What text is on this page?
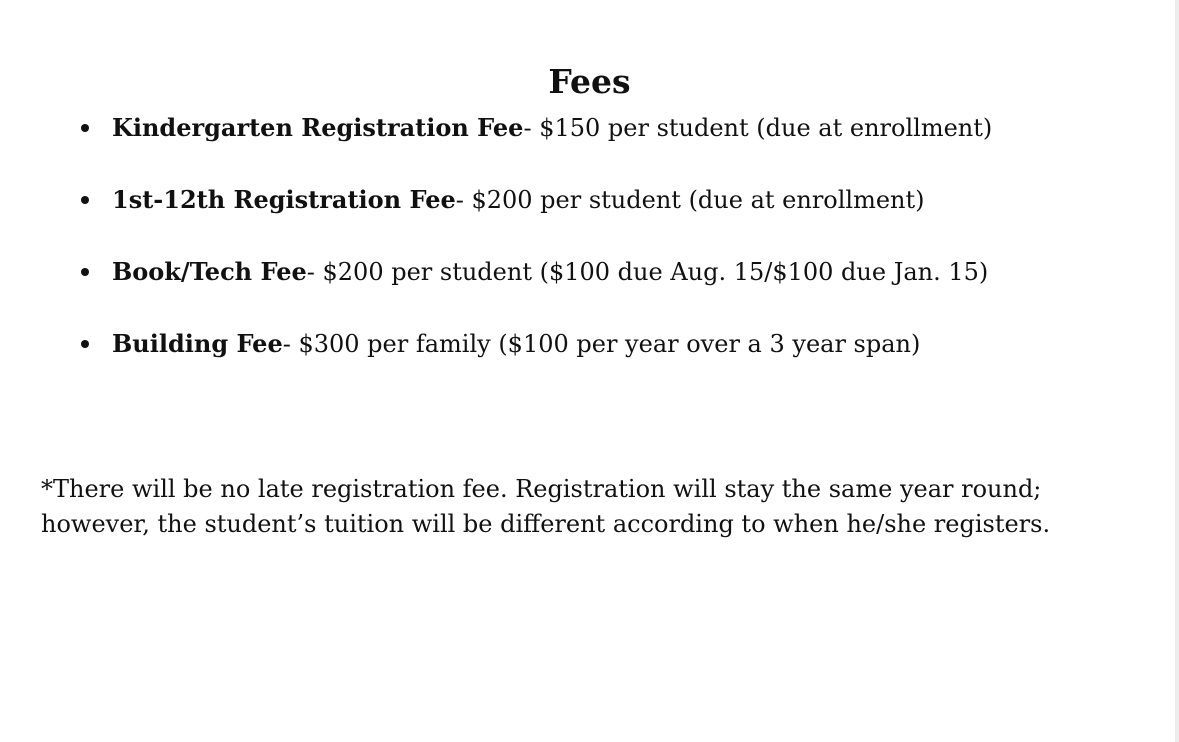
Fees
Kindergarten Registration Fee- $150 per student (due at enrollment)
1st-12th Registration Fee- $200 per student (due at enrollment)
Book/Tech Fee- $200 per student ($100 due Aug. 15/$100 due Jan. 15)
Building Fee- $300 per family ($100 per year over a 3 year span)

*There will be no late registration fee. Registration will stay the same year round; however, the student’s tuition will be different according to when he/she registers.
